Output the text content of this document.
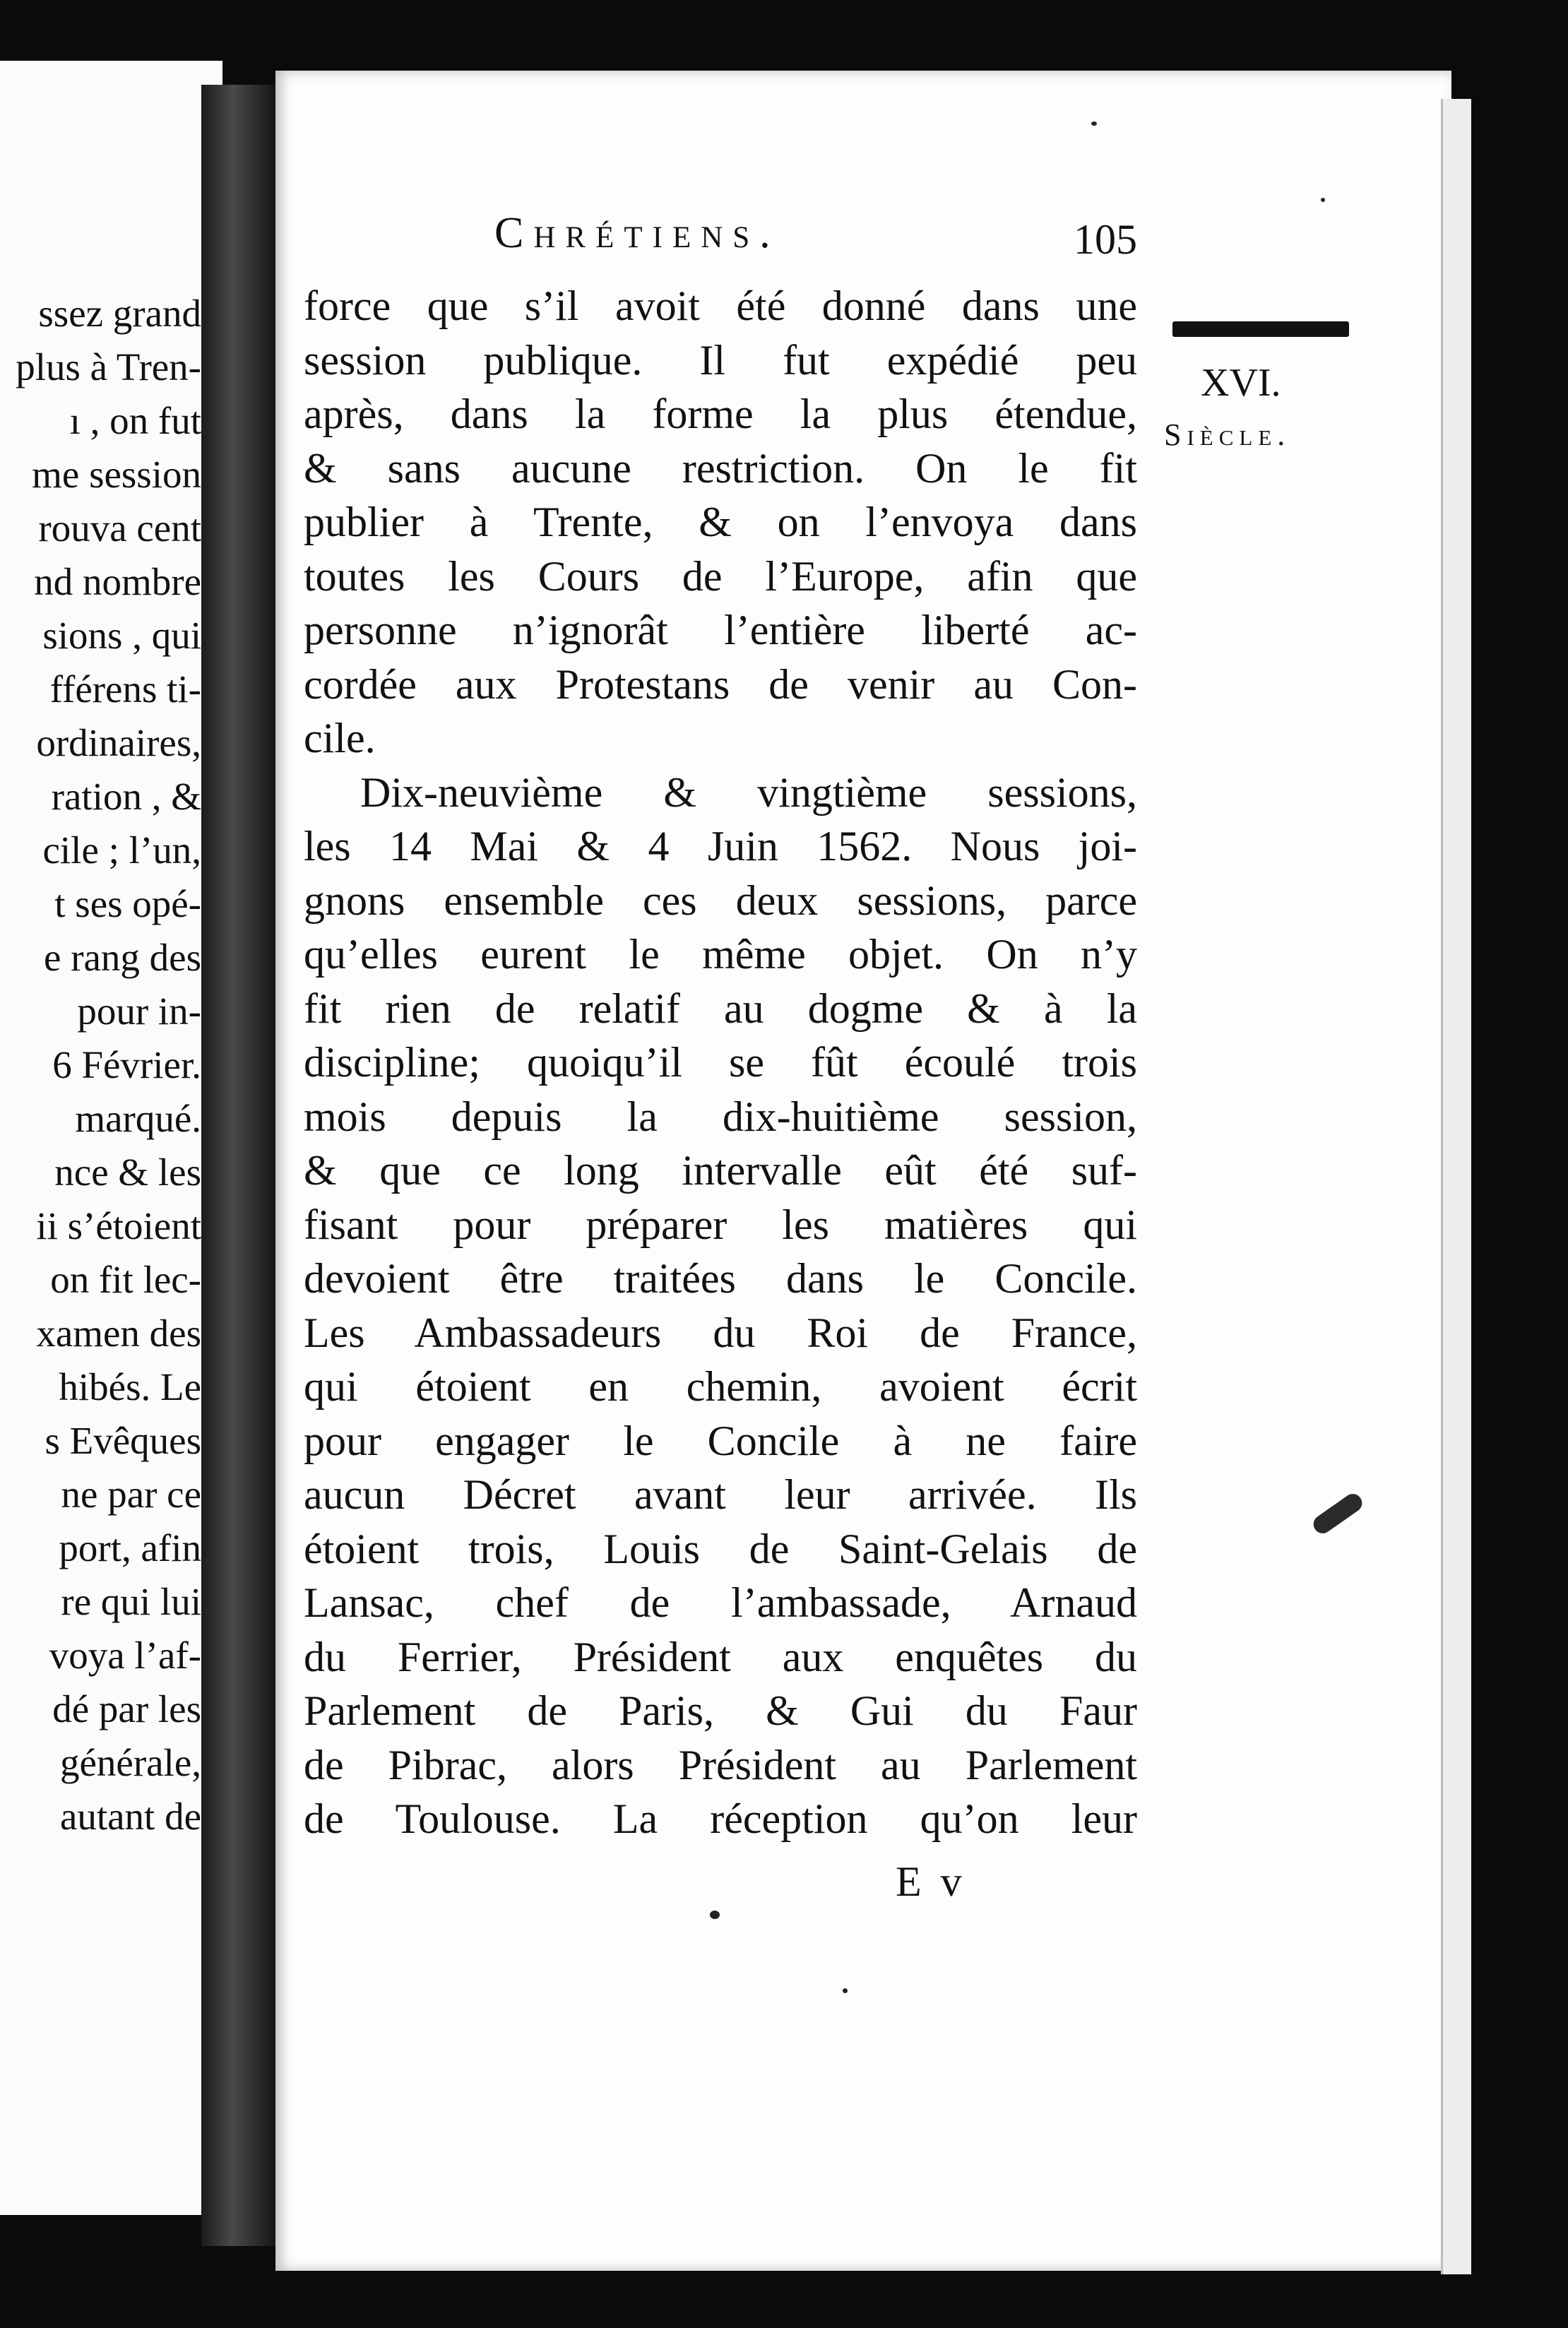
ssez grand
plus à Tren-
ı , on fut
me session
rouva cent
nd nombre
sions , qui
fférens ti-
ordinaires,
ration , &
cile ; l’un,
t ses opé-
e rang des
pour in-
6 Février.
marqué.
nce & les
ii s’étoient
on fit lec-
xamen des
hibés. Le
s Evêques
ne par ce
port, afin
re qui lui
voya l’af-
dé par les
générale,
autant de
Chrétiens.	105
XVI.
Siècle.
force que s’il avoit été donné dans une
session publique. Il fut expédié peu
après, dans la forme la plus étendue,
& sans aucune restriction. On le fit
publier à Trente, & on l’envoya dans
toutes les Cours de l’Europe, afin que
personne n’ignorât l’entière liberté ac-
cordée aux Protestans de venir au Con-
cile.
Dix-neuvième & vingtième sessions,
les 14 Mai & 4 Juin 1562. Nous joi-
gnons ensemble ces deux sessions, parce
qu’elles eurent le même objet. On n’y
fit rien de relatif au dogme & à la
discipline; quoiqu’il se fût écoulé trois
mois depuis la dix-huitième session,
& que ce long intervalle eût été suf-
fisant pour préparer les matières qui
devoient être traitées dans le Concile.
Les Ambassadeurs du Roi de France,
qui étoient en chemin, avoient écrit
pour engager le Concile à ne faire
aucun Décret avant leur arrivée. Ils
étoient trois, Louis de Saint-Gelais de
Lansac, chef de l’ambassade, Arnaud
du Ferrier, Président aux enquêtes du
Parlement de Paris, & Gui du Faur
de Pibrac, alors Président au Parlement
de Toulouse. La réception qu’on leur
E v
